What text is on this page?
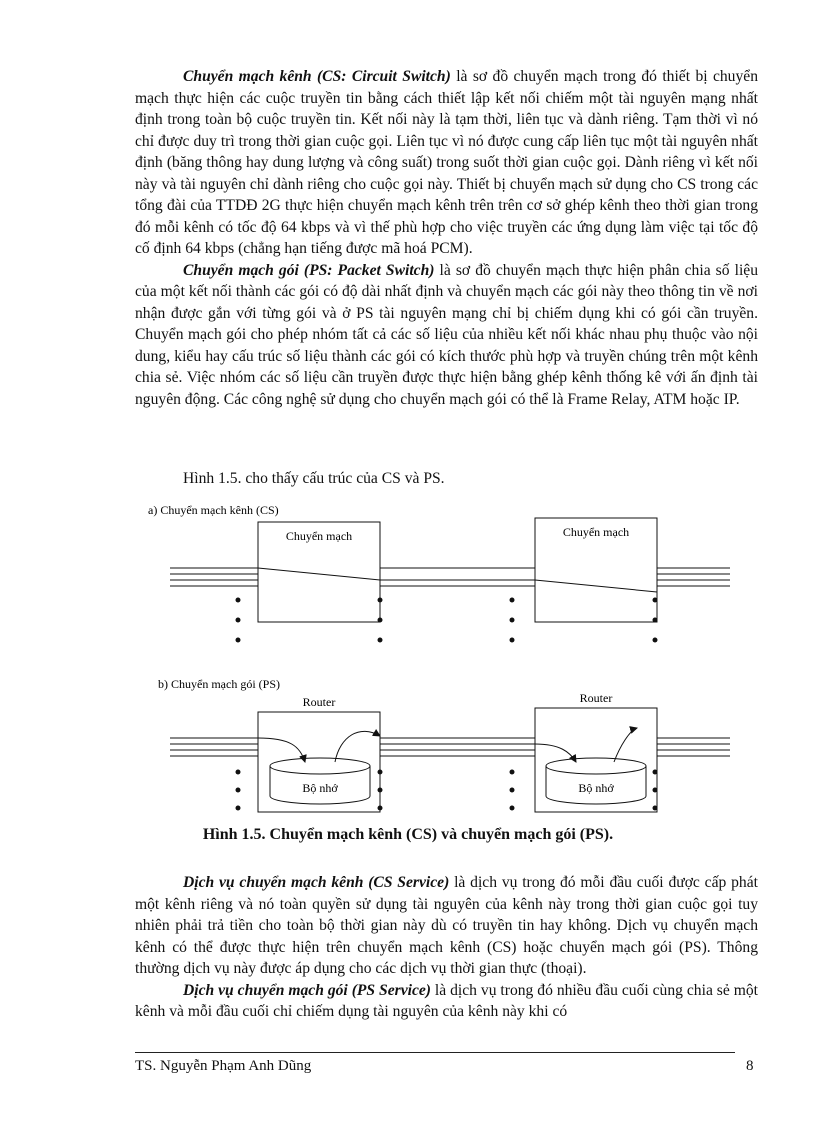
Chuyển mạch kênh (CS: Circuit Switch) là sơ đồ chuyển mạch trong đó thiết bị chuyển mạch thực hiện các cuộc truyền tin bằng cách thiết lập kết nối chiếm một tài nguyên mạng nhất định trong toàn bộ cuộc truyền tin. Kết nối này là tạm thời, liên tục và dành riêng. Tạm thời vì nó chỉ được duy trì trong thời gian cuộc gọi. Liên tục vì nó được cung cấp liên tục một tài nguyên nhất định (băng thông hay dung lượng và công suất) trong suốt thời gian cuộc gọi. Dành riêng vì kết nối này và tài nguyên chỉ dành riêng cho cuộc gọi này. Thiết bị chuyển mạch sử dụng cho CS trong các tổng đài của TTDĐ 2G thực hiện chuyển mạch kênh trên trên cơ sở ghép kênh theo thời gian trong đó mỗi kênh có tốc độ 64 kbps và vì thế phù hợp cho việc truyền các ứng dụng làm việc tại tốc độ cố định 64 kbps (chẳng hạn tiếng được mã hoá PCM).

Chuyển mạch gói (PS: Packet Switch) là sơ đồ chuyển mạch thực hiện phân chia số liệu của một kết nối thành các gói có độ dài nhất định và chuyển mạch các gói này theo thông tin về nơi nhận được gắn với từng gói và ở PS tài nguyên mạng chỉ bị chiếm dụng khi có gói cần truyền. Chuyển mạch gói cho phép nhóm tất cả các số liệu của nhiều kết nối khác nhau phụ thuộc vào nội dung, kiểu hay cấu trúc số liệu thành các gói có kích thước phù hợp và truyền chúng trên một kênh chia sẻ. Việc nhóm các số liệu cần truyền được thực hiện bằng ghép kênh thống kê với ấn định tài nguyên động. Các công nghệ sử dụng cho chuyển mạch gói có thể là Frame Relay, ATM hoặc IP.

Hình 1.5. cho thấy cấu trúc của CS và PS.
a) Chuyển mạch kênh (CS)
Chuyển mạch	Chuyển mạch
b) Chuyển mạch gói (PS)
Router
Bộ nhớ
Router
Bộ nhớ
Hình 1.5. Chuyển mạch kênh (CS) và chuyển mạch gói (PS).

Dịch vụ chuyển mạch kênh (CS Service) là dịch vụ trong đó mỗi đầu cuối được cấp phát một kênh riêng và nó toàn quyền sử dụng tài nguyên của kênh này trong thời gian cuộc gọi tuy nhiên phải trả tiền cho toàn bộ thời gian này dù có truyền tin hay không. Dịch vụ chuyển mạch kênh có thể được thực hiện trên chuyển mạch kênh (CS) hoặc chuyển mạch gói (PS). Thông thường dịch vụ này được áp dụng cho các dịch vụ thời gian thực (thoại).

Dịch vụ chuyển mạch gói (PS Service) là dịch vụ trong đó nhiều đầu cuối cùng chia sẻ một kênh và mỗi đầu cuối chỉ chiếm dụng tài nguyên của kênh này khi có

TS. Nguyễn Phạm Anh Dũng	8
